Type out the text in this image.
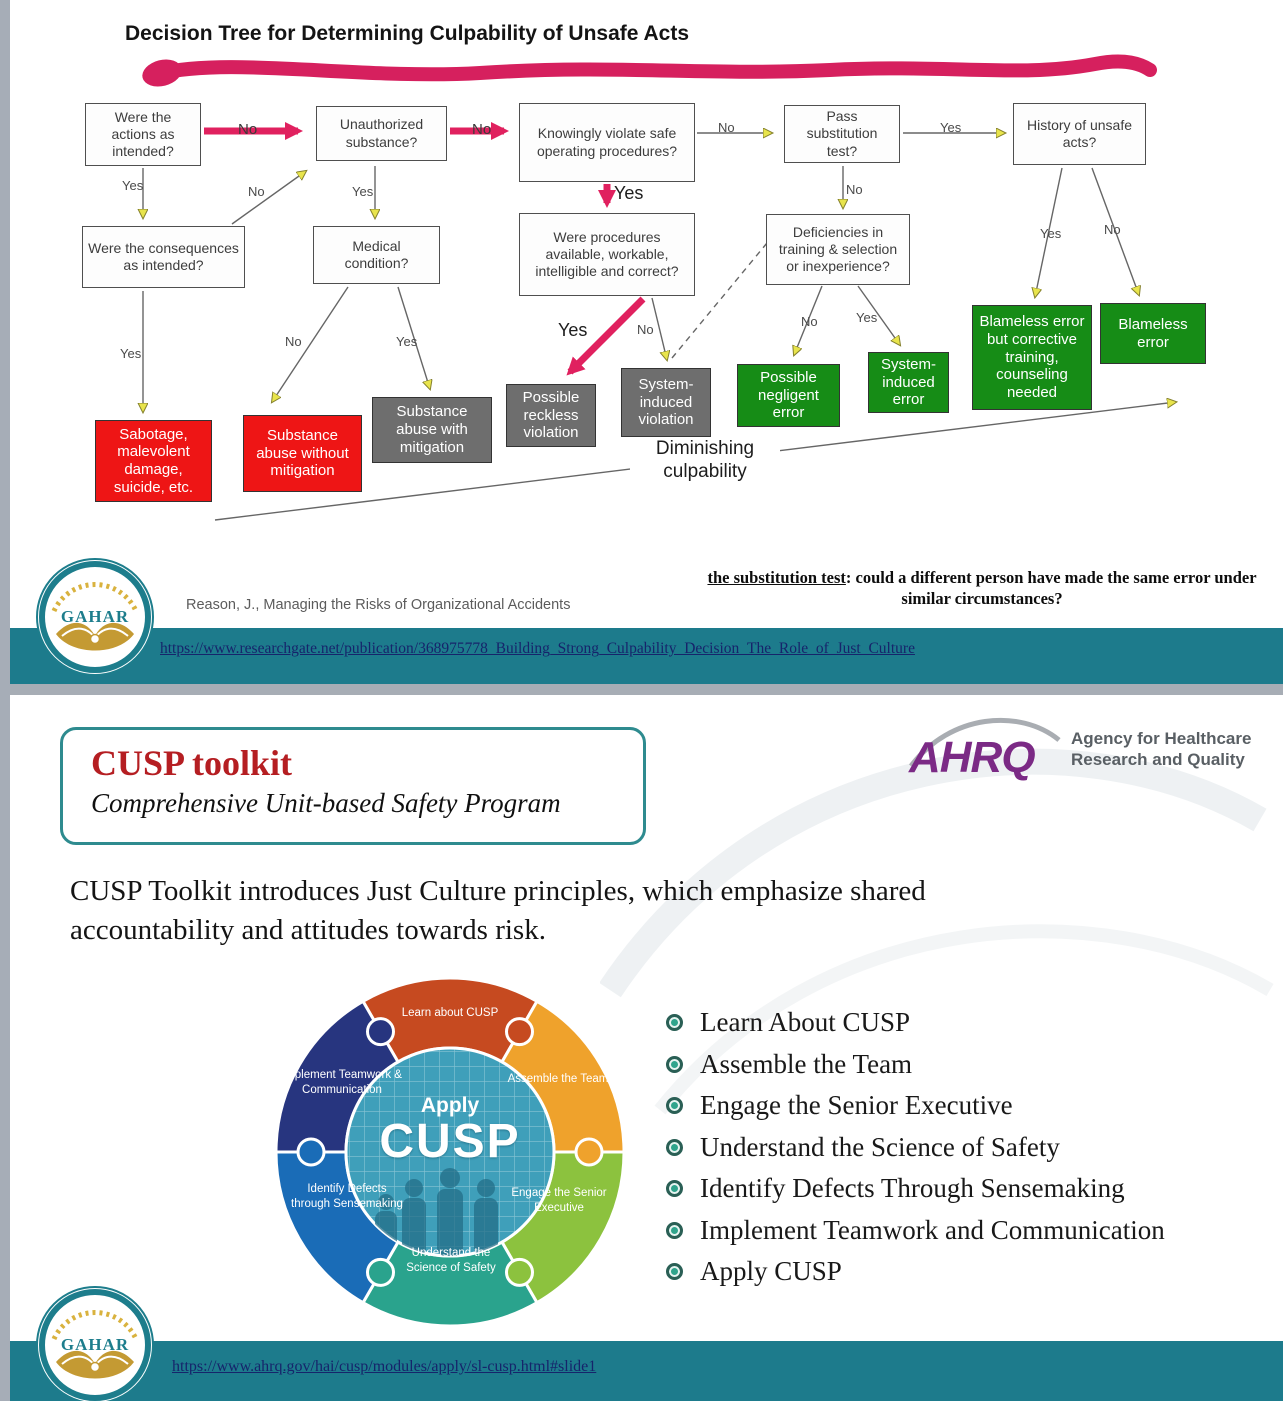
Decision Tree for Determining Culpability of Unsafe Acts
Were the actions as intended?
Unauthorized substance?
Knowingly violate safe operating procedures?
Pass substitution test?
History of unsafe acts?
Were the consequences as intended?
Medical condition?
Were procedures available, workable, intelligible and correct?
Deficiencies in training & selection or inexperience?
Sabotage, malevolent damage, suicide, etc.
Substance abuse without mitigation
Substance abuse with mitigation
Possible reckless violation
System-induced violation
Possible negligent error
System-induced error
Blameless error but corrective training, counseling needed
Blameless error
No	No	No	Yes
Yes	No	Yes	Yes	No
Yes	No
No	Yes
Yes	No
Yes
No	Yes
Diminishing culpability
GAHAR
Reason, J., Managing the Risks of Organizational Accidents
the substitution test: could a different person have made the same error under similar circumstances?
https://www.researchgate.net/publication/368975778_Building_Strong_Culpability_Decision_The_Role_of_Just_Culture
CUSP toolkit
Comprehensive Unit-based Safety Program
AHRQ Agency for Healthcare
Research and Quality
CUSP Toolkit introduces Just Culture principles, which emphasize shared accountability and attitudes towards risk.
Learn about CUSP
Assemble the Team
Engage the Senior Executive
Understand the Science of Safety
Identify Defects through Sensemaking
Implement Teamwork & Communication
Apply
CUSP
Learn About CUSP
Assemble the Team
Engage the Senior Executive
Understand the Science of Safety
Identify Defects Through Sensemaking
Implement Teamwork and Communication
Apply CUSP
GAHAR
https://www.ahrq.gov/hai/cusp/modules/apply/sl-cusp.html#slide1
